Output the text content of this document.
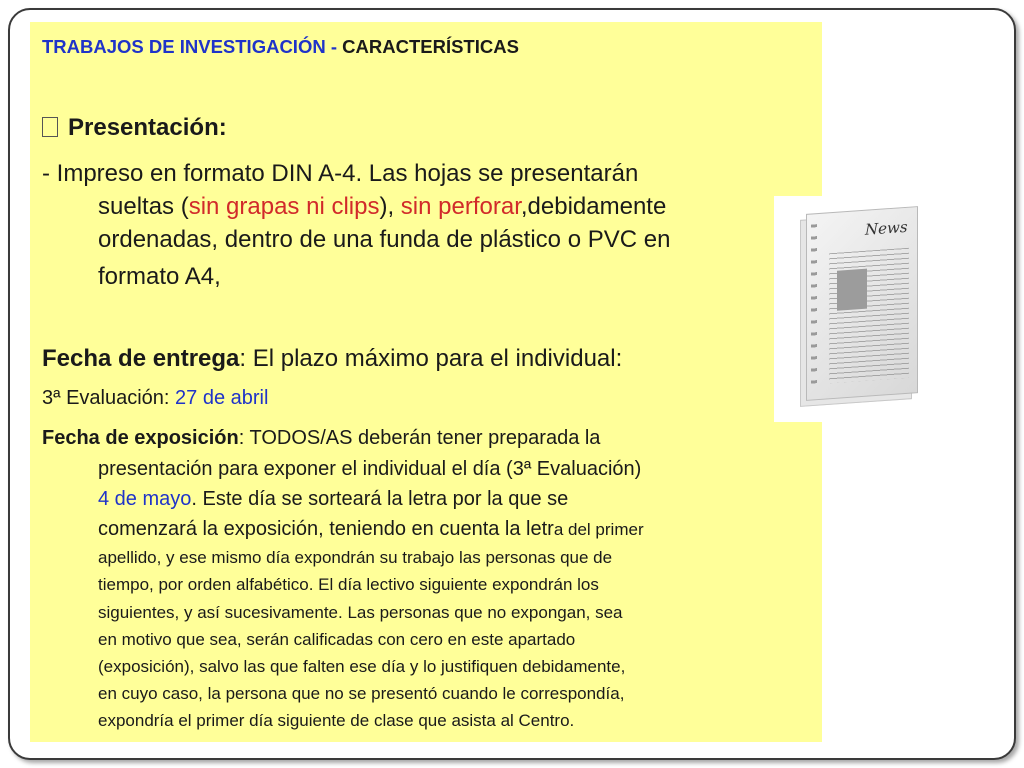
TRABAJOS DE INVESTIGACIÓN - CARACTERÍSTICAS
Presentación:
- Impreso en formato DIN A-4. Las hojas se presentarán
sueltas (sin grapas ni clips), sin perforar,debidamente
ordenadas, dentro de una funda de plástico o PVC en
formato A4,
Fecha de entrega: El plazo máximo para el individual:
3ª Evaluación: 27 de abril
Fecha de exposición: TODOS/AS deberán tener preparada la
presentación para exponer el individual el día (3ª Evaluación)
4 de mayo. Este día se sorteará la letra por la que se
comenzará la exposición, teniendo en cuenta la letra del primer
apellido, y ese mismo día expondrán su trabajo las personas que de
tiempo, por orden alfabético. El día lectivo siguiente expondrán los
siguientes, y así sucesivamente. Las personas que no expongan, sea
en motivo que sea, serán calificadas con cero en este apartado
(exposición), salvo las que falten ese día y lo justifiquen debidamente,
en cuyo caso, la persona que no se presentó cuando le correspondía,
expondría el primer día siguiente de clase que asista al Centro.
News
